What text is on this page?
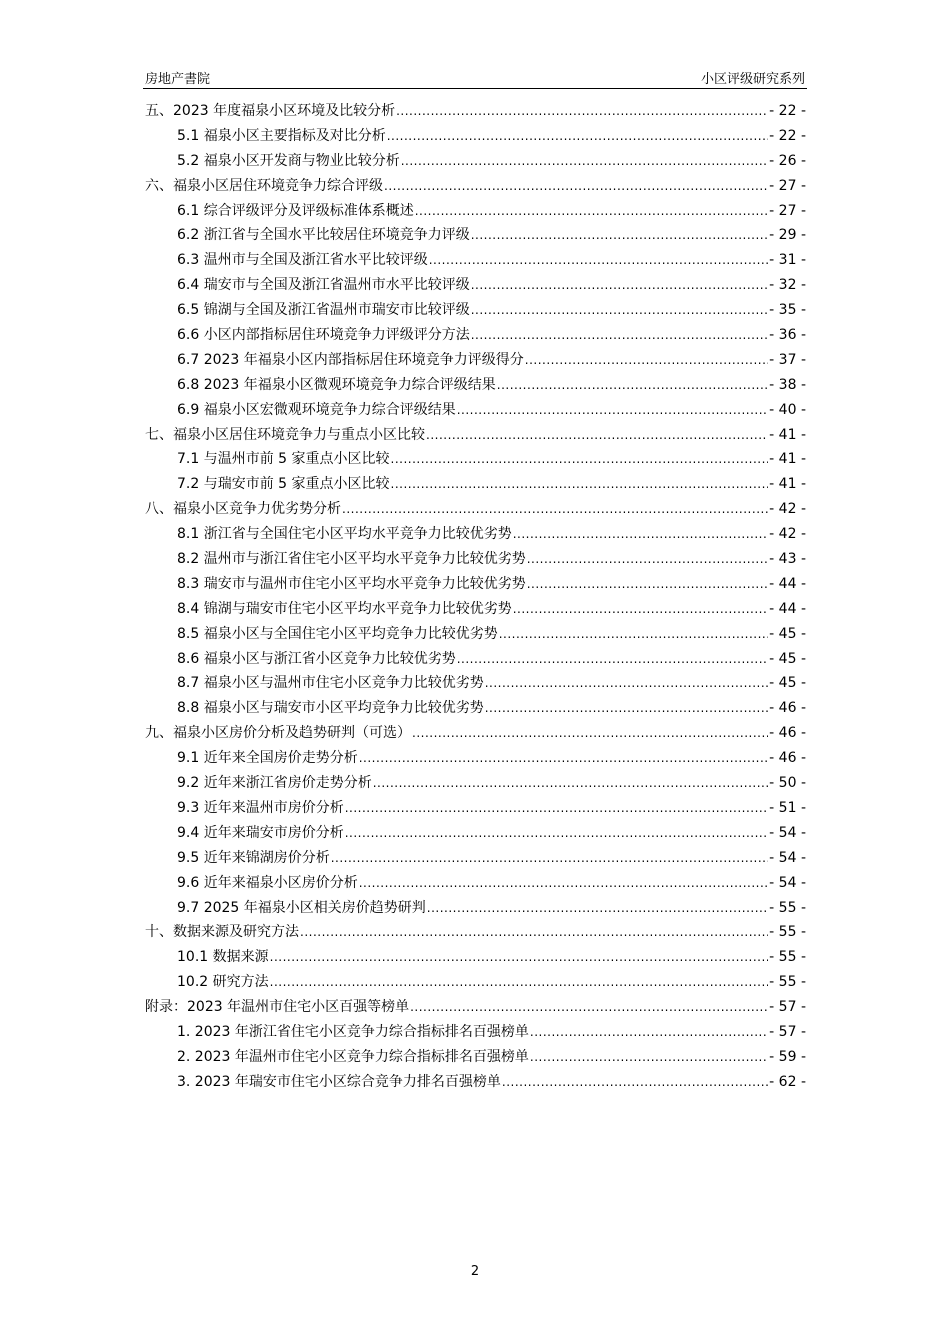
房地产書院	小区评级研究系列
五、2023 年度福泉小区环境及比较分析 .....	- 22 -
5.1 福泉小区主要指标及对比分析 .....	- 22 -
5.2 福泉小区开发商与物业比较分析 .....	- 26 -
六、福泉小区居住环境竞争力综合评级 .....	- 27 -
6.1 综合评级评分及评级标准体系概述 .....	- 27 -
6.2 浙江省与全国水平比较居住环境竞争力评级 .....	- 29 -
6.3 温州市与全国及浙江省水平比较评级 .....	- 31 -
6.4 瑞安市与全国及浙江省温州市水平比较评级 .....	- 32 -
6.5 锦湖与全国及浙江省温州市瑞安市比较评级 .....	- 35 -
6.6 小区内部指标居住环境竞争力评级评分方法 .....	- 36 -
6.7 2023 年福泉小区内部指标居住环境竞争力评级得分 .....	- 37 -
6.8 2023 年福泉小区微观环境竞争力综合评级结果 .....	- 38 -
6.9 福泉小区宏微观环境竞争力综合评级结果 .....	- 40 -
七、福泉小区居住环境竞争力与重点小区比较 .....	- 41 -
7.1 与温州市前 5 家重点小区比较 .....	- 41 -
7.2 与瑞安市前 5 家重点小区比较 .....	- 41 -
八、福泉小区竞争力优劣势分析 .....	- 42 -
8.1 浙江省与全国住宅小区平均水平竞争力比较优劣势 .....	- 42 -
8.2 温州市与浙江省住宅小区平均水平竞争力比较优劣势 .....	- 43 -
8.3 瑞安市与温州市住宅小区平均水平竞争力比较优劣势 .....	- 44 -
8.4 锦湖与瑞安市住宅小区平均水平竞争力比较优劣势 .....	- 44 -
8.5 福泉小区与全国住宅小区平均竞争力比较优劣势 .....	- 45 -
8.6 福泉小区与浙江省小区竞争力比较优劣势 .....	- 45 -
8.7 福泉小区与温州市住宅小区竞争力比较优劣势 .....	- 45 -
8.8 福泉小区与瑞安市小区平均竞争力比较优劣势 .....	- 46 -
九、福泉小区房价分析及趋势研判（可选） .....	- 46 -
9.1 近年来全国房价走势分析 .....	- 46 -
9.2 近年来浙江省房价走势分析 .....	- 50 -
9.3 近年来温州市房价分析 .....	- 51 -
9.4 近年来瑞安市房价分析 .....	- 54 -
9.5 近年来锦湖房价分析 .....	- 54 -
9.6 近年来福泉小区房价分析 .....	- 54 -
9.7 2025 年福泉小区相关房价趋势研判 .....	- 55 -
十、数据来源及研究方法 .....	- 55 -
10.1 数据来源 .....	- 55 -
10.2 研究方法 .....	- 55 -
附录：2023 年温州市住宅小区百强等榜单 .....	- 57 -
1. 2023 年浙江省住宅小区竞争力综合指标排名百强榜单 .....	- 57 -
2. 2023 年温州市住宅小区竞争力综合指标排名百强榜单 .....	- 59 -
3. 2023 年瑞安市住宅小区综合竞争力排名百强榜单 .....	- 62 -
2
